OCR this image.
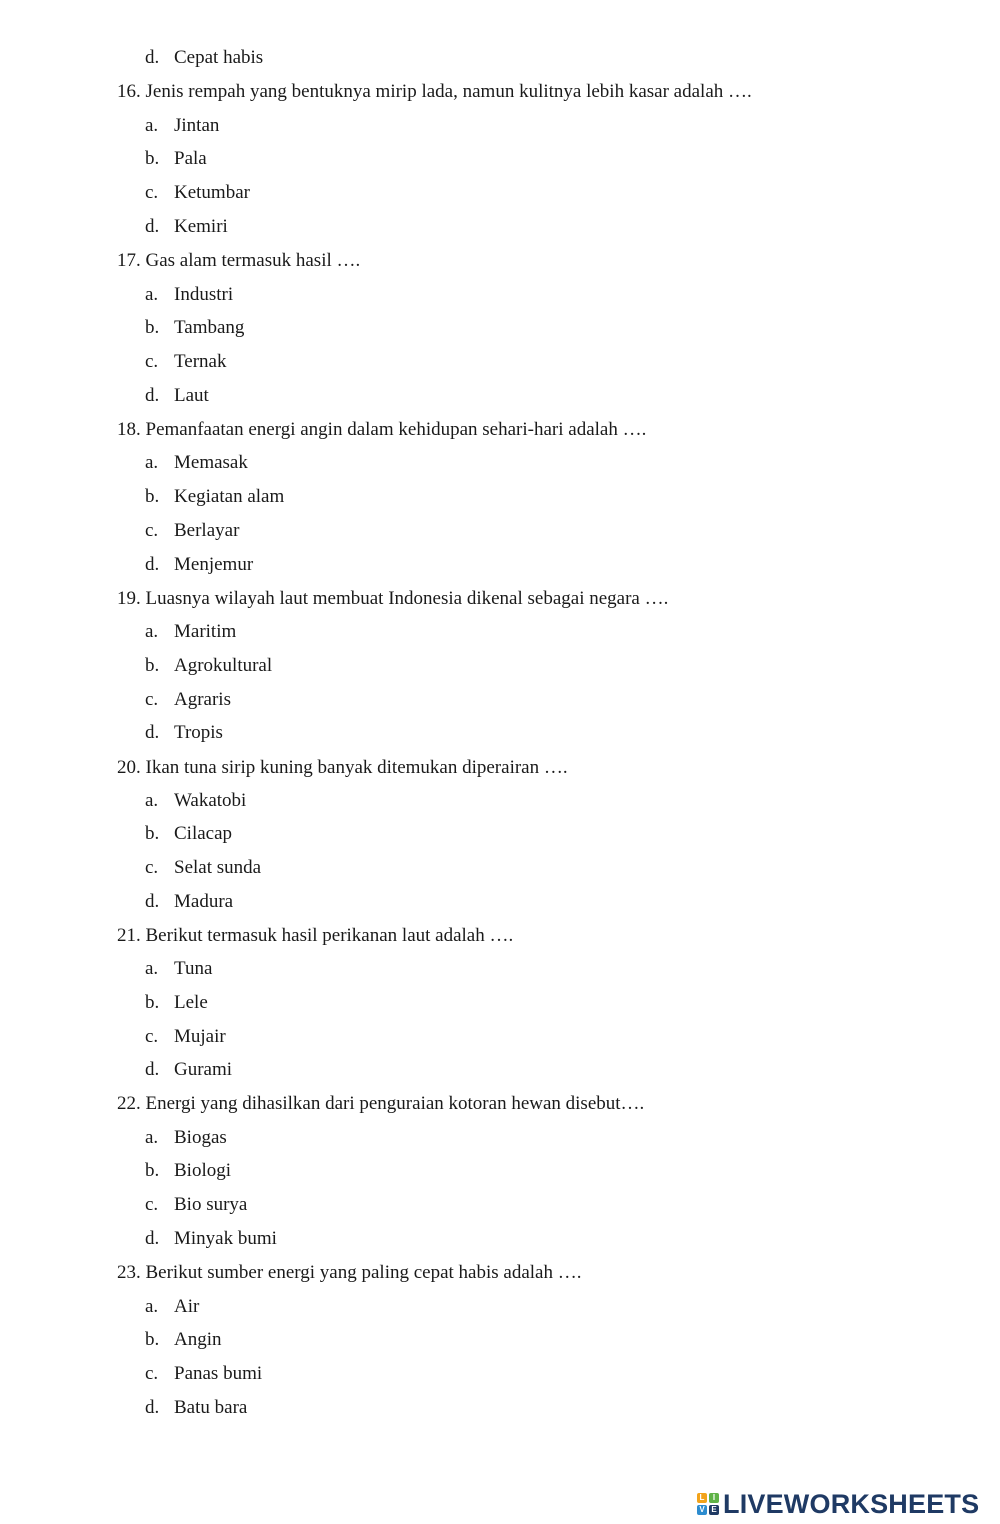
d. Cepat habis
16. Jenis rempah yang bentuknya mirip lada, namun kulitnya lebih kasar adalah ….
a. Jintan
b. Pala
c. Ketumbar
d. Kemiri
17. Gas alam termasuk hasil ….
a. Industri
b. Tambang
c. Ternak
d. Laut
18. Pemanfaatan energi angin dalam kehidupan sehari-hari adalah ….
a. Memasak
b. Kegiatan alam
c. Berlayar
d. Menjemur
19. Luasnya wilayah laut membuat Indonesia dikenal sebagai negara ….
a. Maritim
b. Agrokultural
c. Agraris
d. Tropis
20. Ikan tuna sirip kuning banyak ditemukan diperairan ….
a. Wakatobi
b. Cilacap
c. Selat sunda
d. Madura
21. Berikut termasuk hasil perikanan laut adalah ….
a. Tuna
b. Lele
c. Mujair
d. Gurami
22. Energi yang dihasilkan dari penguraian kotoran hewan disebut….
a. Biogas
b. Biologi
c. Bio surya
d. Minyak bumi
23. Berikut sumber energi yang paling cepat habis adalah ….
a. Air
b. Angin
c. Panas bumi
d. Batu bara
L	I
V E LIVEWORKSHEETS
